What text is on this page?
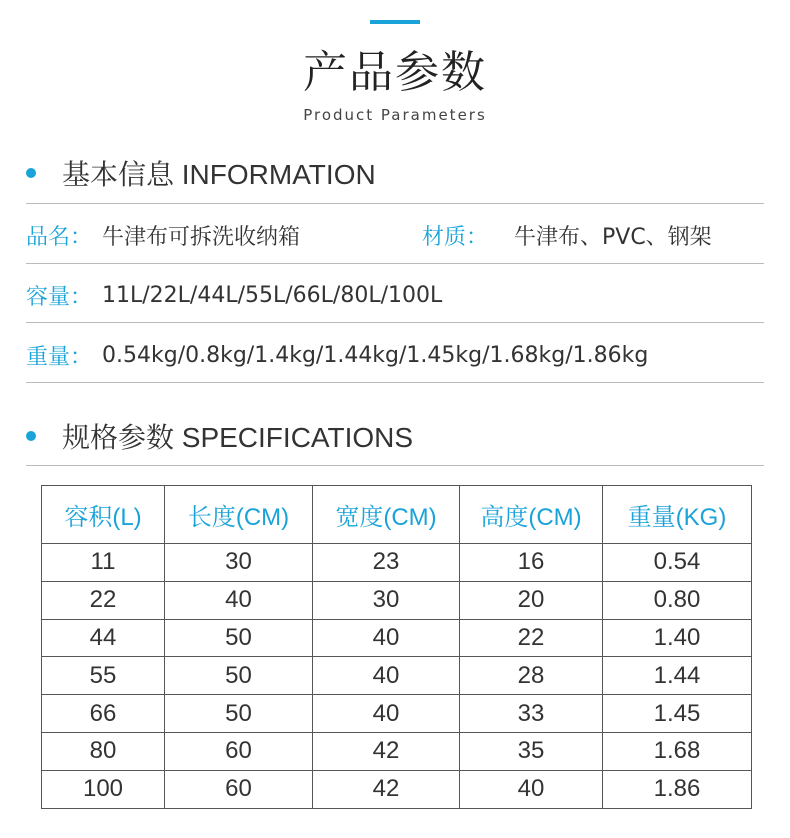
产品参数
Product Parameters
基本信息 INFORMATION
品名： 牛津布可拆洗收纳箱	材质： 牛津布、PVC、钢架
容量： 11L/22L/44L/55L/66L/80L/100L
重量： 0.54kg/0.8kg/1.4kg/1.44kg/1.45kg/1.68kg/1.86kg
规格参数 SPECIFICATIONS
容积(L)	长度(CM)	宽度(CM)	高度(CM)	重量(KG)
11	30	23	16	0.54
22	40	30	20	0.80
44	50	40	22	1.40
55	50	40	28	1.44
66	50	40	33	1.45
80	60	42	35	1.68
100	60	42	40	1.86
